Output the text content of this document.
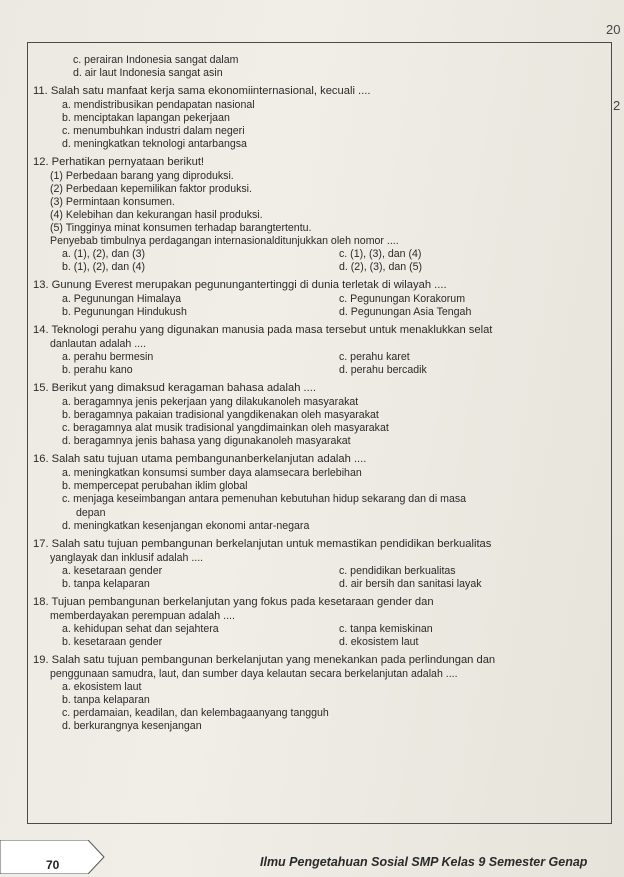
20
2
c. perairan Indonesia sangat dalam
d. air laut Indonesia sangat asin
11. Salah satu manfaat kerja sama ekonomiinternasional, kecuali ....
a. mendistribusikan pendapatan nasional
b. menciptakan lapangan pekerjaan
c. menumbuhkan industri dalam negeri
d. meningkatkan teknologi antarbangsa
12. Perhatikan pernyataan berikut!
(1) Perbedaan barang yang diproduksi.
(2) Perbedaan kepemilikan faktor produksi.
(3) Permintaan konsumen.
(4) Kelebihan dan kekurangan hasil produksi.
(5) Tingginya minat konsumen terhadap barangtertentu.
Penyebab timbulnya perdagangan internasionalditunjukkan oleh nomor ....
a. (1), (2), dan (3)	c. (1), (3), dan (4)
b. (1), (2), dan (4)	d. (2), (3), dan (5)
13. Gunung Everest merupakan pegunungantertinggi di dunia terletak di wilayah ....
a. Pegunungan Himalaya	c. Pegunungan Korakorum
b. Pegunungan Hindukush	d. Pegunungan Asia Tengah
14. Teknologi perahu yang digunakan manusia pada masa tersebut untuk menaklukkan selat
danlautan adalah ....
a. perahu bermesin	c. perahu karet
b. perahu kano	d. perahu bercadik
15. Berikut yang dimaksud keragaman bahasa adalah ....
a. beragamnya jenis pekerjaan yang dilakukanoleh masyarakat
b. beragamnya pakaian tradisional yangdikenakan oleh masyarakat
c. beragamnya alat musik tradisional yangdimainkan oleh masyarakat
d. beragamnya jenis bahasa yang digunakanoleh masyarakat
16. Salah satu tujuan utama pembangunanberkelanjutan adalah ....
a. meningkatkan konsumsi sumber daya alamsecara berlebihan
b. mempercepat perubahan iklim global
c. menjaga keseimbangan antara pemenuhan kebutuhan hidup sekarang dan di masa
depan
d. meningkatkan kesenjangan ekonomi antar-negara
17. Salah satu tujuan pembangunan berkelanjutan untuk memastikan pendidikan berkualitas
yanglayak dan inklusif adalah ....
a. kesetaraan gender	c. pendidikan berkualitas
b. tanpa kelaparan	d. air bersih dan sanitasi layak
18. Tujuan pembangunan berkelanjutan yang fokus pada kesetaraan gender dan
memberdayakan perempuan adalah ....
a. kehidupan sehat dan sejahtera	c. tanpa kemiskinan
b. kesetaraan gender	d. ekosistem laut
19. Salah satu tujuan pembangunan berkelanjutan yang menekankan pada perlindungan dan
penggunaan samudra, laut, dan sumber daya kelautan secara berkelanjutan adalah ....
a. ekosistem laut
b. tanpa kelaparan
c. perdamaian, keadilan, dan kelembagaanyang tangguh
d. berkurangnya kesenjangan
70	Ilmu Pengetahuan Sosial SMP Kelas 9 Semester Genap
